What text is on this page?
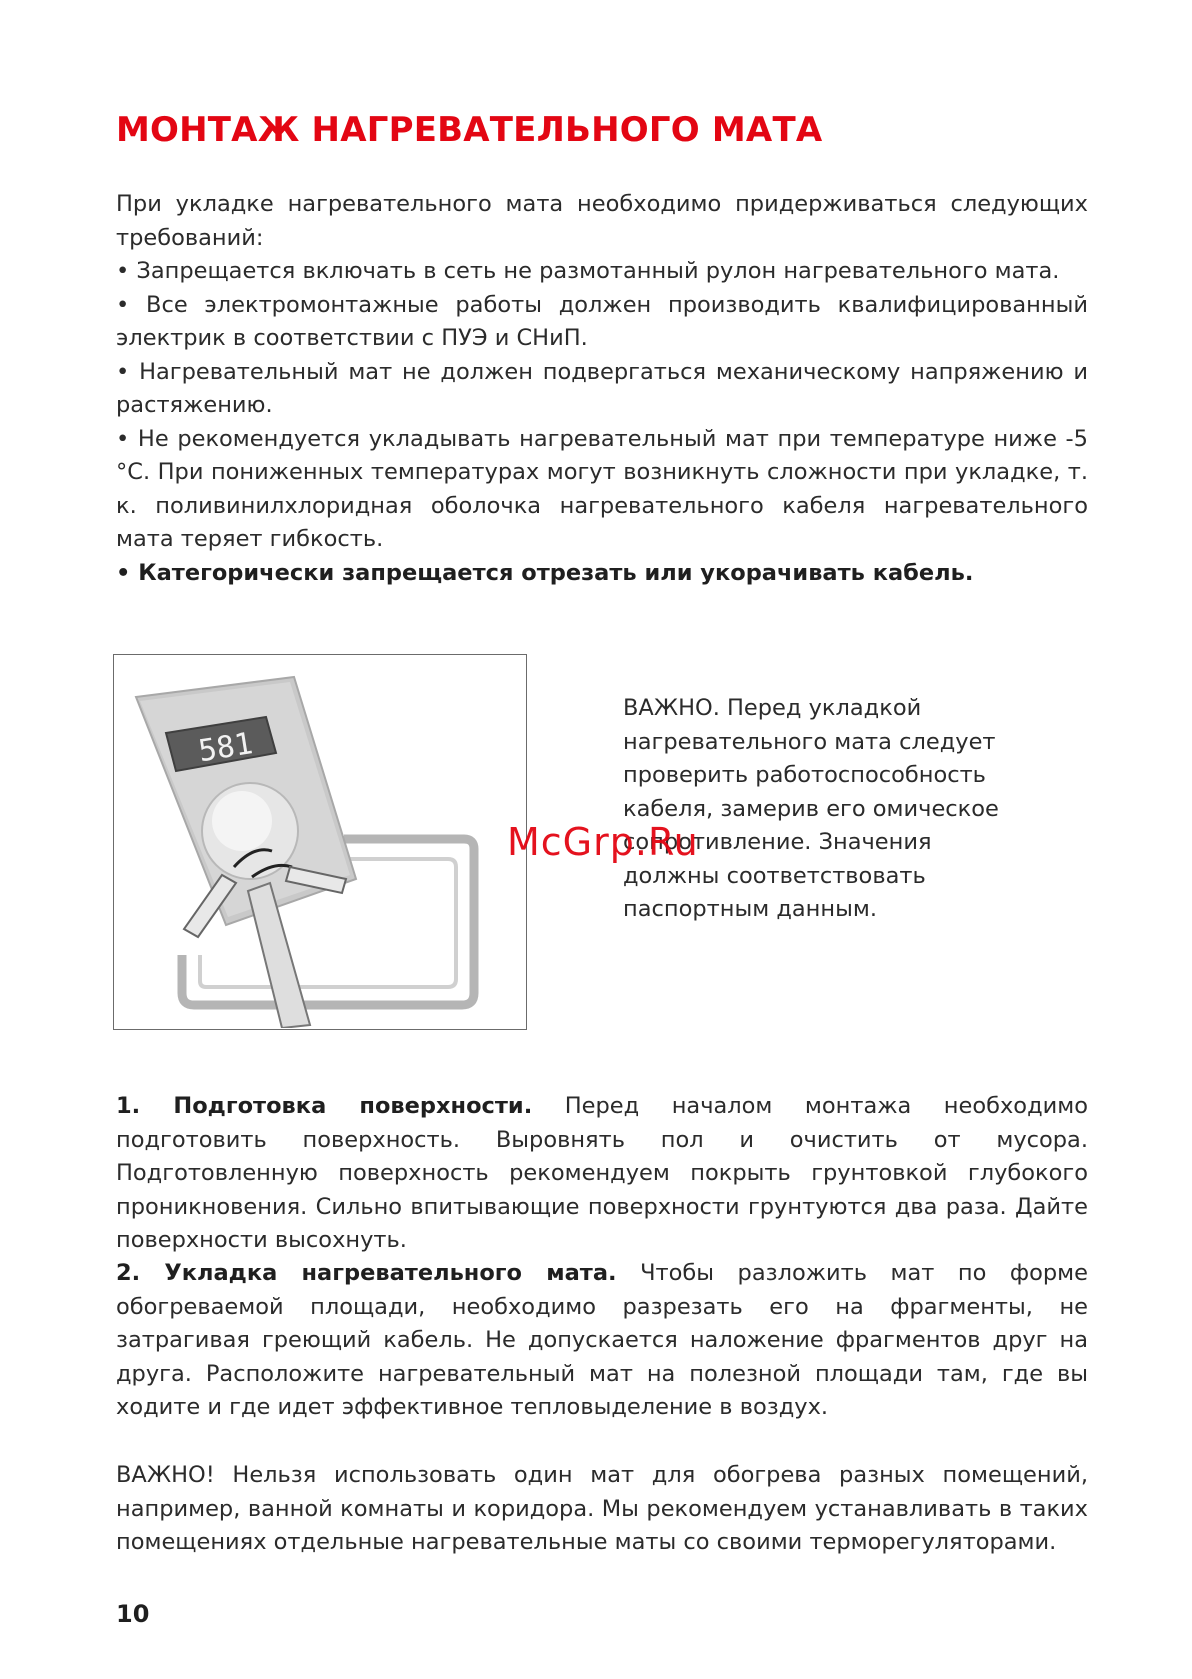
МОНТАЖ НАГРЕВАТЕЛЬНОГО МАТА

При укладке нагревательного мата необходимо придерживаться следующих требований:

• Запрещается включать в сеть не размотанный рулон нагревательного мата.

• Все электромонтажные работы должен производить квалифицированный электрик в соответствии с ПУЭ и СНиП.

• Нагревательный мат не должен подвергаться механическому напряжению и растяжению.

• Не рекомендуется укладывать нагревательный мат при температуре ниже -5 °С. При пониженных температурах могут возникнуть сложности при укладке, т. к. поливинилхлоридная оболочка нагревательного кабеля нагревательного мата теряет гибкость.

• Категорически запрещается отрезать или укорачивать кабель.

581
ВАЖНО. Перед укладкой
нагревательного мата следует
проверить работоспособность
кабеля, замерив его омическое
сопротивление. Значения
должны соответствовать
паспортным данным.
McGrp.Ru

1. Подготовка поверхности. Перед началом монтажа необходимо подготовить поверхность. Выровнять пол и очистить от мусора. Подготовленную поверхность рекомендуем покрыть грунтовкой глубокого проникновения. Сильно впитывающие поверхности грунтуются два раза. Дайте поверхности высохнуть.

2. Укладка нагревательного мата. Чтобы разложить мат по форме обогреваемой площади, необходимо разрезать его на фрагменты, не затрагивая греющий кабель. Не допускается наложение фрагментов друг на друга. Расположите нагревательный мат на полезной площади там, где вы ходите и где идет эффективное тепловыделение в воздух.

ВАЖНО! Нельзя использовать один мат для обогрева разных помещений, например, ванной комнаты и коридора. Мы рекомендуем устанавливать в таких помещениях отдельные нагревательные маты со своими терморегуляторами.

10
